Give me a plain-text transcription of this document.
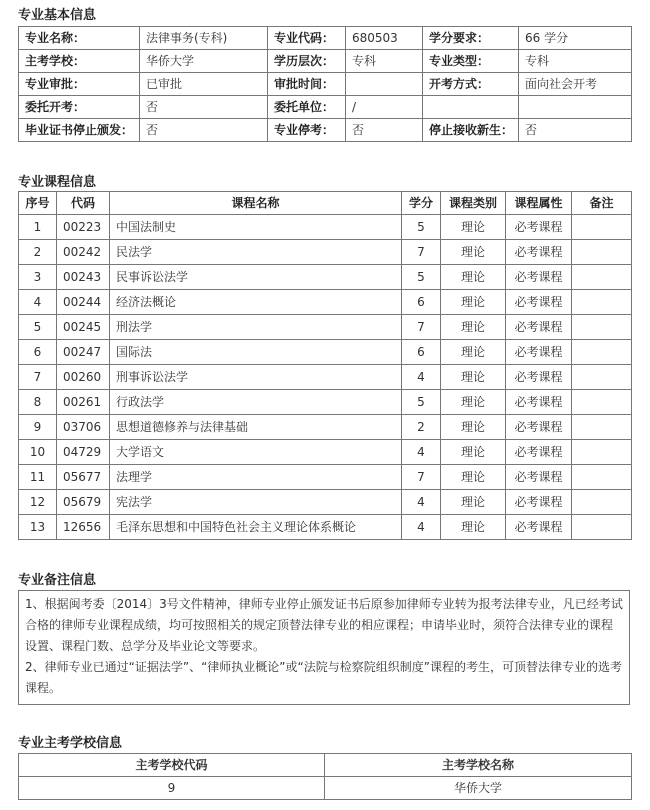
专业基本信息
专业名称：	法律事务(专科)	专业代码：	680503	学分要求：	66 学分
主考学校：	华侨大学	学历层次：	专科	专业类型：	专科
专业审批：	已审批	审批时间：		开考方式：	面向社会开考
委托开考：	否	委托单位：	/		
毕业证书停止颁发：	否	专业停考：	否	停止接收新生：	否
专业课程信息
序号	代码	课程名称	学分	课程类别	课程属性	备注
1	00223	中国法制史	5	理论	必考课程	
2	00242	民法学	7	理论	必考课程	
3	00243	民事诉讼法学	5	理论	必考课程	
4	00244	经济法概论	6	理论	必考课程	
5	00245	刑法学	7	理论	必考课程	
6	00247	国际法	6	理论	必考课程	
7	00260	刑事诉讼法学	4	理论	必考课程	
8	00261	行政法学	5	理论	必考课程	
9	03706	思想道德修养与法律基础	2	理论	必考课程	
10	04729	大学语文	4	理论	必考课程	
11	05677	法理学	7	理论	必考课程	
12	05679	宪法学	4	理论	必考课程	
13	12656	毛泽东思想和中国特色社会主义理论体系概论	4	理论	必考课程	
专业备注信息

1、根据闽考委〔2014〕3号文件精神，律师专业停止颁发证书后原参加律师专业转为报考法律专业，凡已经考试合格的律师专业课程成绩，均可按照相关的规定顶替法律专业的相应课程；申请毕业时，须符合法律专业的课程设置、课程门数、总学分及毕业论文等要求。

2、律师专业已通过“证据法学”、“律师执业概论”或“法院与检察院组织制度”课程的考生，可顶替法律专业的选考课程。

专业主考学校信息
主考学校代码	主考学校名称
9	华侨大学
